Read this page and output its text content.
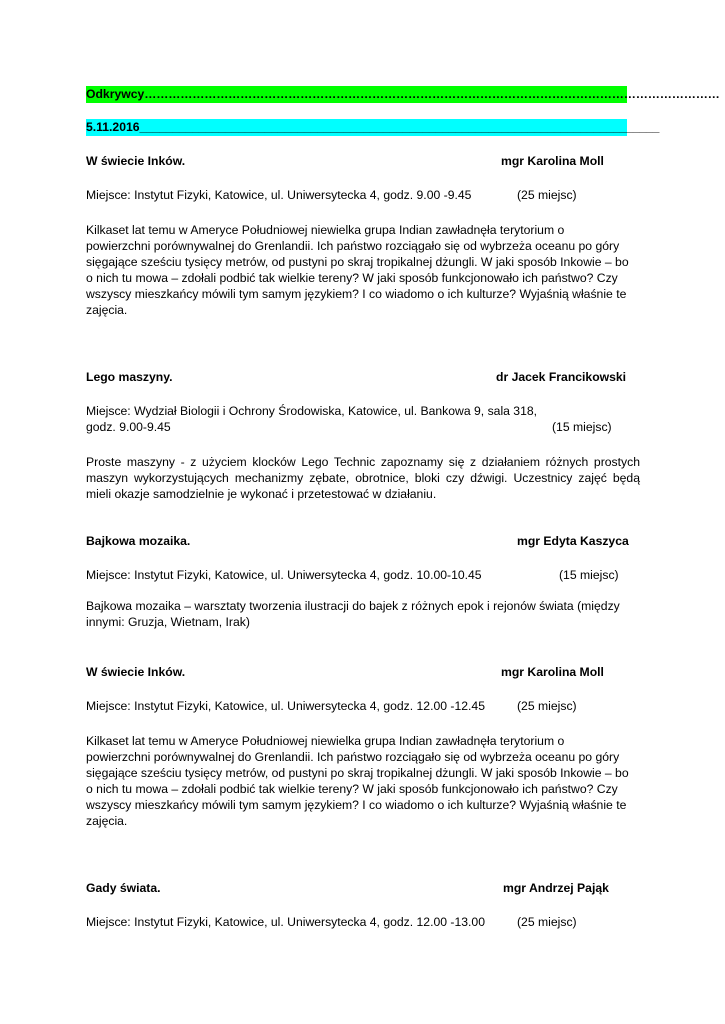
Odkrywcy………………………………………………………………………………………………………………………………
5.11.2016_______________________________________________________________________________
W świecie Inków.	mgr Karolina Moll
Miejsce: Instytut Fizyki, Katowice, ul. Uniwersytecka 4, godz. 9.00 -9.45	(25 miejsc)
Kilkaset lat temu w Ameryce Południowej niewielka grupa Indian zawładnęła terytorium o
powierzchni porównywalnej do Grenlandii. Ich państwo rozciągało się od wybrzeża oceanu po góry
sięgające sześciu tysięcy metrów, od pustyni po skraj tropikalnej dżungli. W jaki sposób Inkowie – bo
o nich tu mowa – zdołali podbić tak wielkie tereny? W jaki sposób funkcjonowało ich państwo? Czy
wszyscy mieszkańcy mówili tym samym językiem? I co wiadomo o ich kulturze? Wyjaśnią właśnie te
zajęcia.
Lego maszyny.	dr Jacek Francikowski
Miejsce: Wydział Biologii i Ochrony Środowiska, Katowice, ul. Bankowa 9, sala 318,
godz. 9.00-9.45	(15 miejsc)
Proste maszyny - z użyciem klocków Lego Technic zapoznamy się z działaniem różnych prostych
maszyn wykorzystujących mechanizmy zębate, obrotnice, bloki czy dźwigi. Uczestnicy zajęć będą
mieli okazje samodzielnie je wykonać i przetestować w działaniu.
Bajkowa mozaika.	mgr Edyta Kaszyca
Miejsce: Instytut Fizyki, Katowice, ul. Uniwersytecka 4, godz. 10.00-10.45	(15 miejsc)
Bajkowa mozaika – warsztaty tworzenia ilustracji do bajek z różnych epok i rejonów świata (między
innymi: Gruzja, Wietnam, Irak)
W świecie Inków.	mgr Karolina Moll
Miejsce: Instytut Fizyki, Katowice, ul. Uniwersytecka 4, godz. 12.00 -12.45	(25 miejsc)
Kilkaset lat temu w Ameryce Południowej niewielka grupa Indian zawładnęła terytorium o
powierzchni porównywalnej do Grenlandii. Ich państwo rozciągało się od wybrzeża oceanu po góry
sięgające sześciu tysięcy metrów, od pustyni po skraj tropikalnej dżungli. W jaki sposób Inkowie – bo
o nich tu mowa – zdołali podbić tak wielkie tereny? W jaki sposób funkcjonowało ich państwo? Czy
wszyscy mieszkańcy mówili tym samym językiem? I co wiadomo o ich kulturze? Wyjaśnią właśnie te
zajęcia.
Gady świata.	mgr Andrzej Pająk
Miejsce: Instytut Fizyki, Katowice, ul. Uniwersytecka 4, godz. 12.00 -13.00	(25 miejsc)
